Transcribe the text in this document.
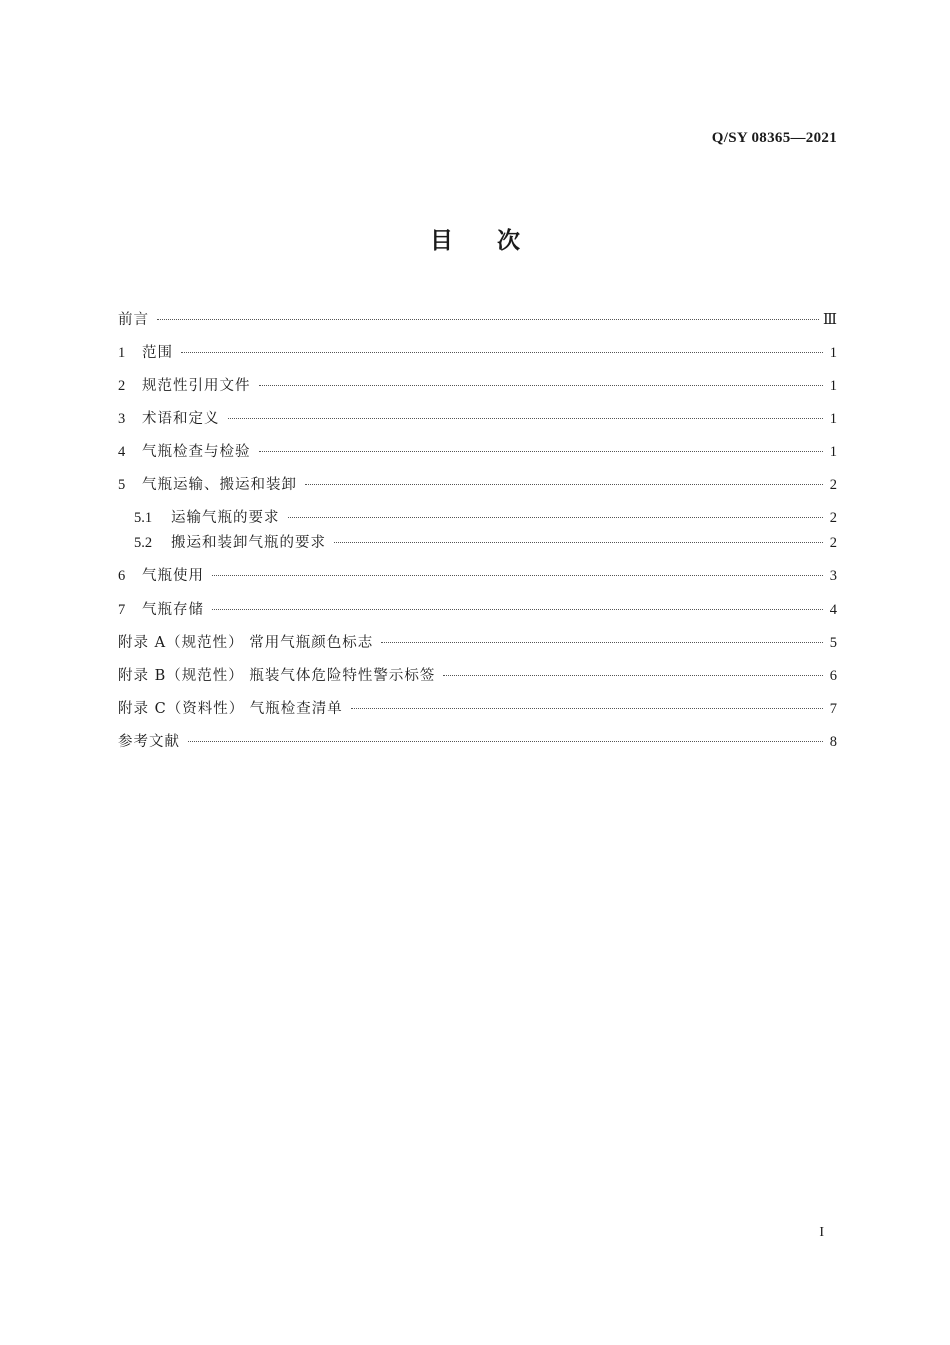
Q/SY 08365—2021
目次
前言	Ⅲ
1	范围	1
2	规范性引用文件	1
3	术语和定义	1
4	气瓶检查与检验	1
5	气瓶运输、搬运和装卸	2
5.1	运输气瓶的要求	2
5.2	搬运和装卸气瓶的要求	2
6	气瓶使用	3
7	气瓶存储	4
附录 A（规范性） 常用气瓶颜色标志	5
附录 B（规范性） 瓶装气体危险特性警示标签	6
附录 C（资料性） 气瓶检查清单	7
参考文献	8
I
